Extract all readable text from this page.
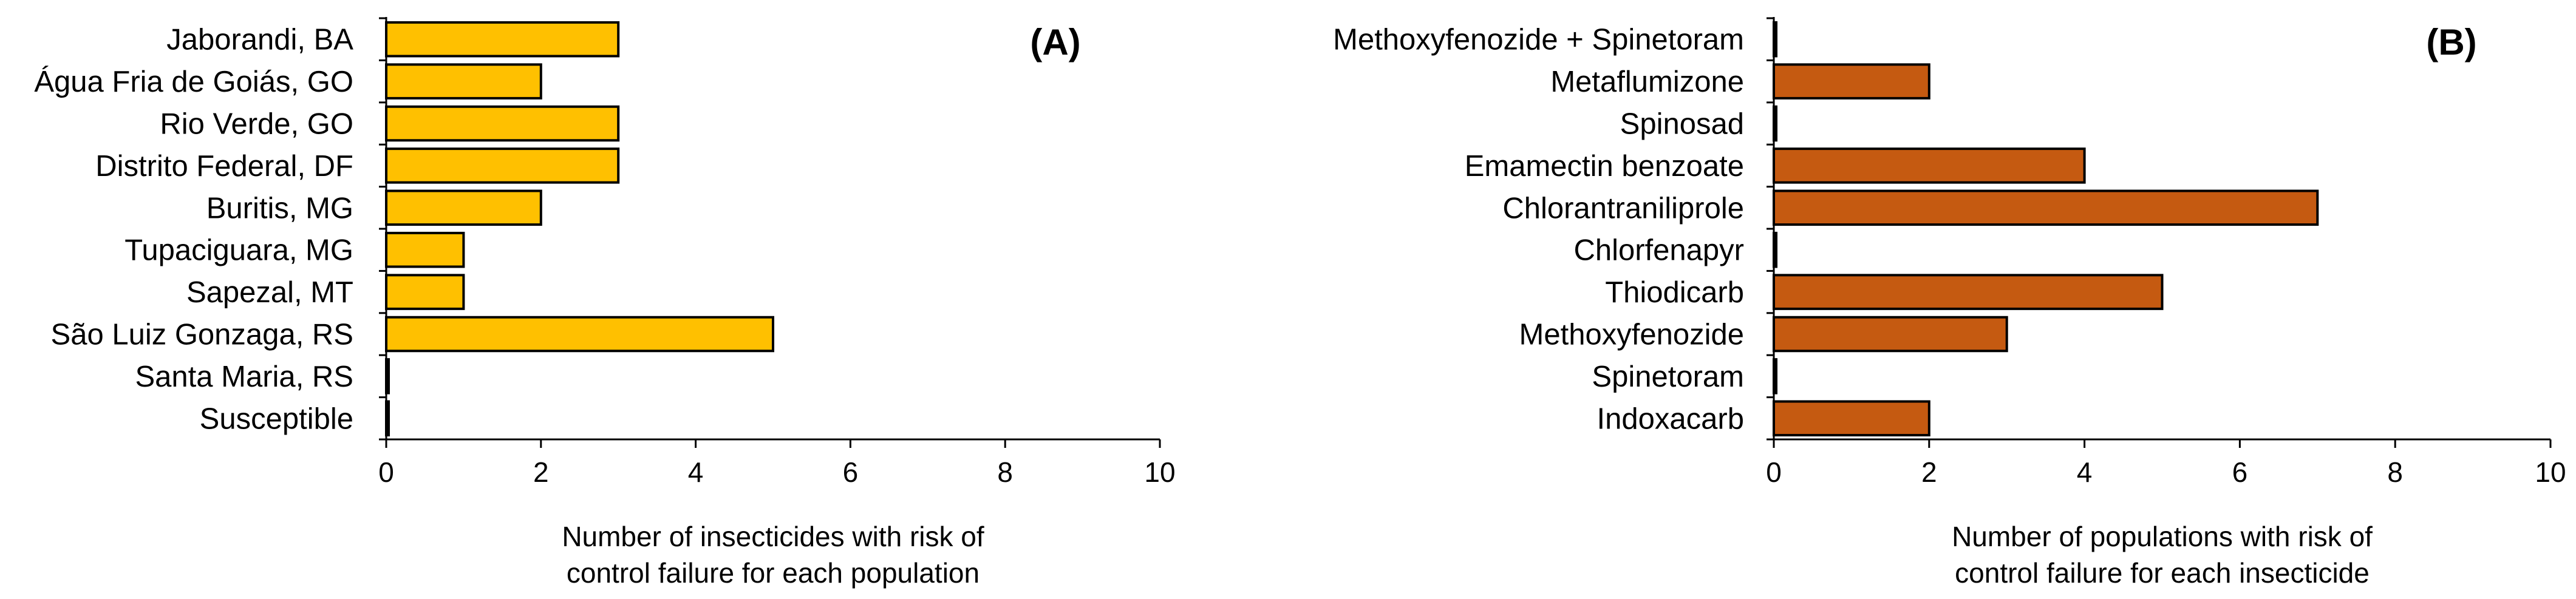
Jaborandi, BA
Água Fria de Goiás, GO
Rio Verde, GO
Distrito Federal, DF
Buritis, MG
Tupaciguara, MG
Sapezal, MT
São Luiz Gonzaga, RS
Santa Maria, RS
Susceptible
0	2	4	6	8	10
Number of insecticides with risk of
control failure for each population
(A)	Methoxyfenozide + Spinetoram
Metaflumizone
Spinosad
Emamectin benzoate
Chlorantraniliprole
Chlorfenapyr
Thiodicarb
Methoxyfenozide
Spinetoram
Indoxacarb
0	2	4	6	8	10
Number of populations with risk of
control failure for each insecticide
(B)
